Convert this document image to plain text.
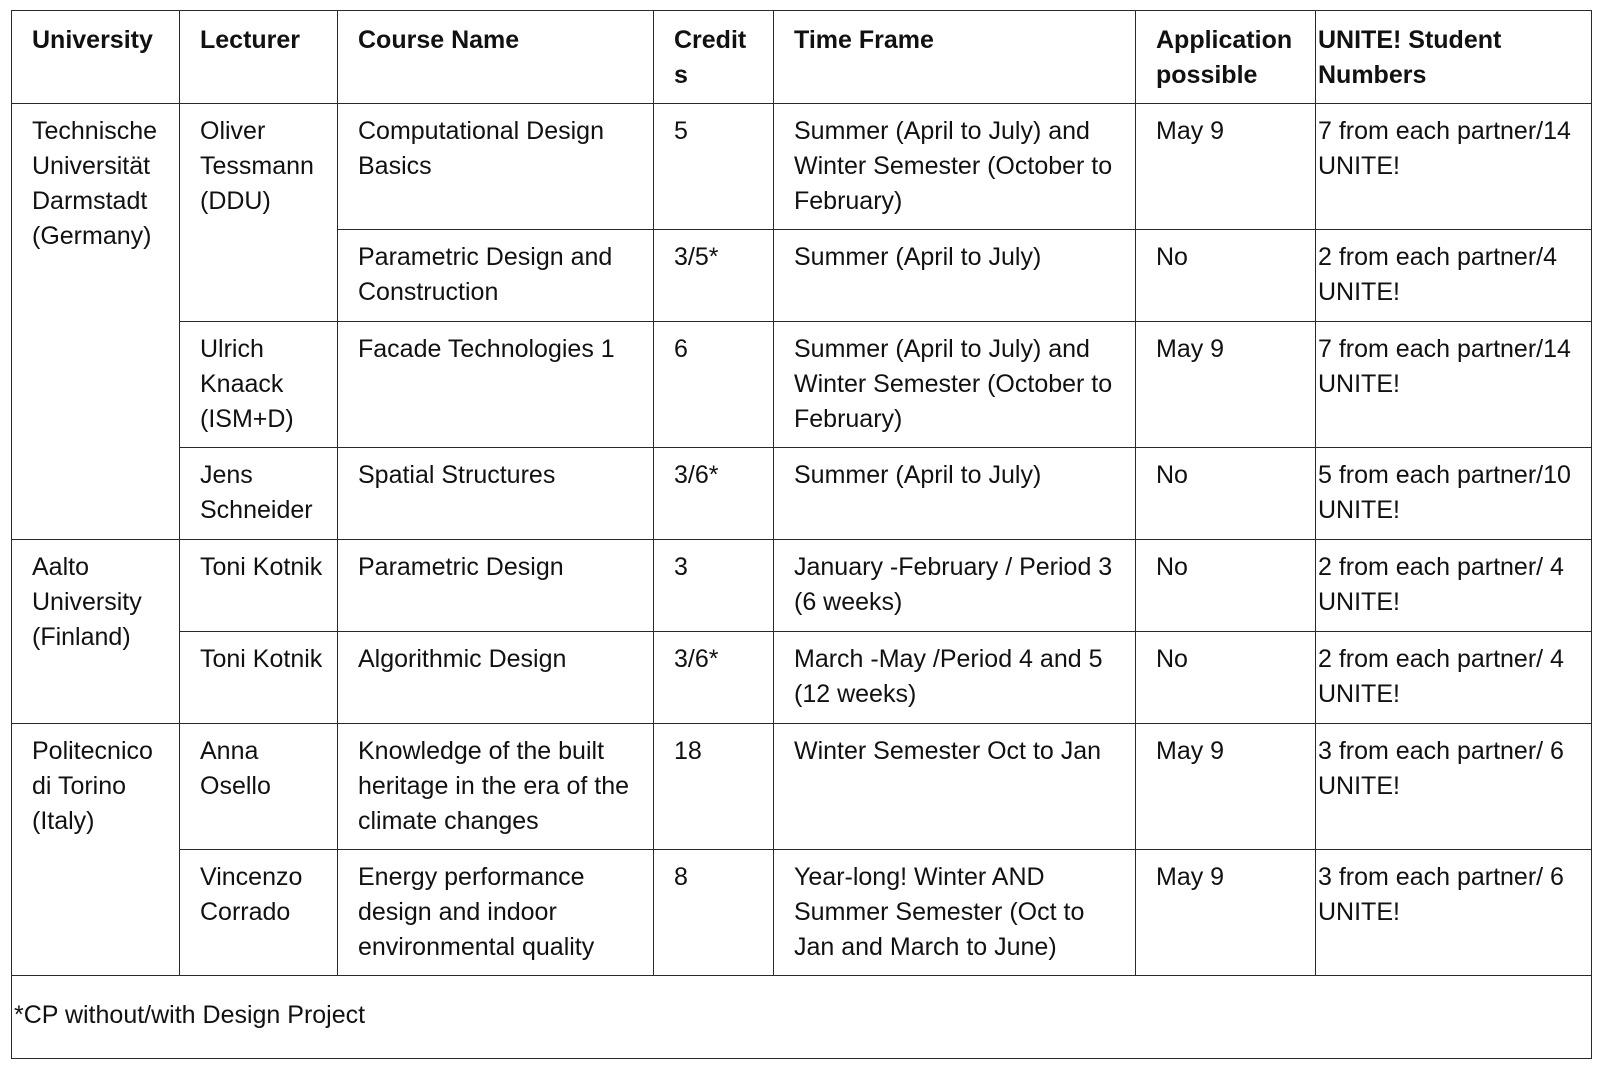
University	Lecturer	Course Name	Credits	Time Frame	Application possible	UNITE! Student Numbers
Technische Universität Darmstadt (Germany)	Oliver Tessmann (DDU)	Computational Design Basics	5	Summer (April to July) and Winter Semester (October to February)	May 9	7 from each partner/14 UNITE!
		Parametric Design and Construction	3/5*	Summer (April to July)	No	2 from each partner/4 UNITE!
	Ulrich Knaack (ISM+D)	Facade Technologies 1	6	Summer (April to July) and Winter Semester (October to February)	May 9	7 from each partner/14 UNITE!
	Jens Schneider	Spatial Structures	3/6*	Summer (April to July)	No	5 from each partner/10 UNITE!
Aalto University (Finland)	Toni Kotnik	Parametric Design	3	January -February / Period 3 (6 weeks)	No	2 from each partner/ 4 UNITE!
	Toni Kotnik	Algorithmic Design	3/6*	March -May /Period 4 and 5 (12 weeks)	No	2 from each partner/ 4 UNITE!
Politecnico di Torino (Italy)	Anna Osello	Knowledge of the built heritage in the era of the climate changes	18	Winter Semester Oct to Jan	May 9	3 from each partner/ 6 UNITE!
	Vincenzo Corrado	Energy performance design and indoor environmental quality	8	Year-long! Winter AND Summer Semester (Oct to Jan and March to June)	May 9	3 from each partner/ 6 UNITE!
*CP without/with Design Project						
